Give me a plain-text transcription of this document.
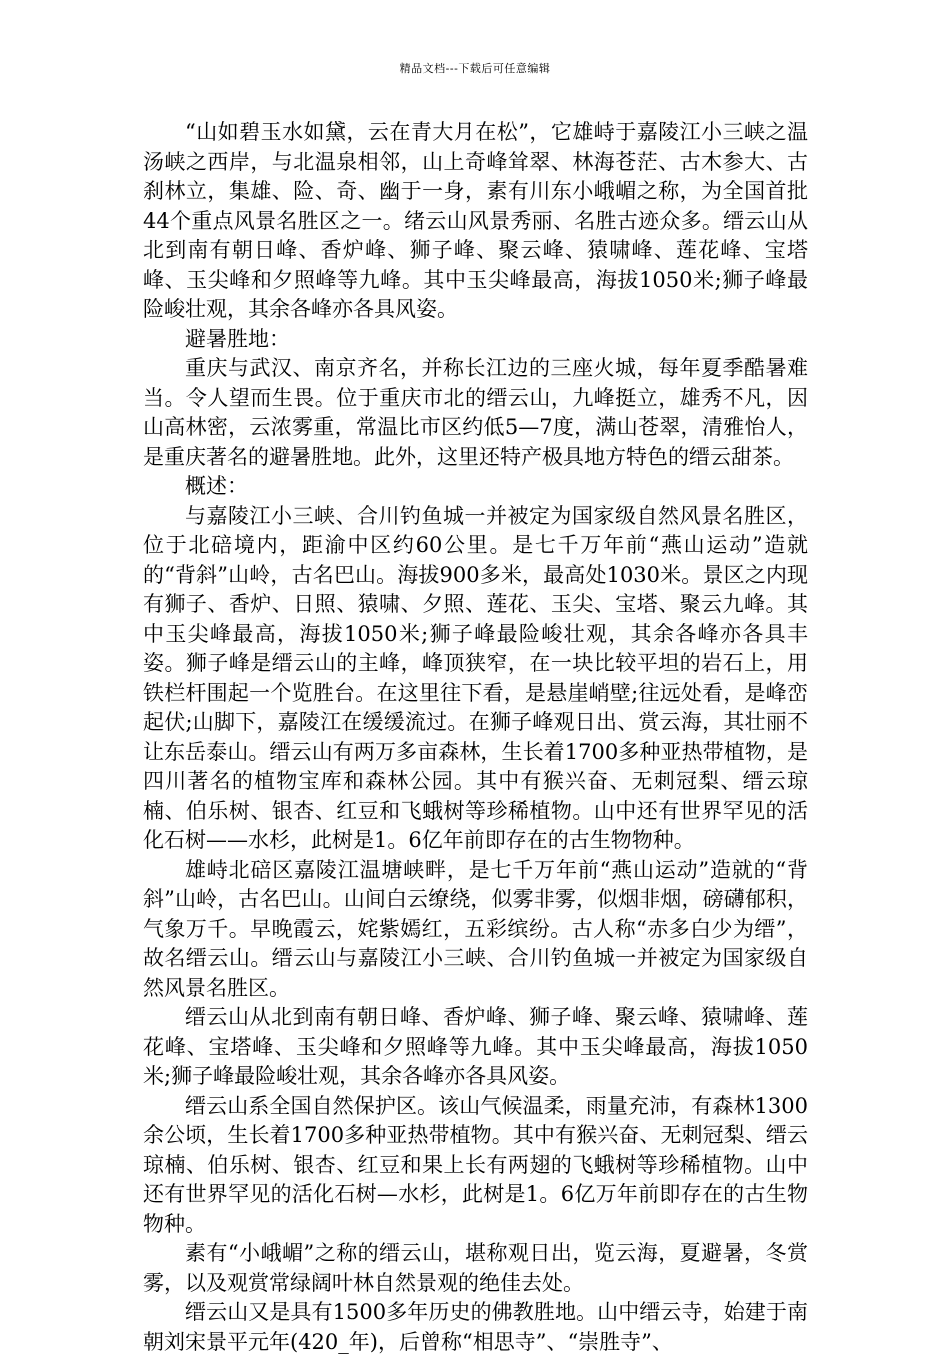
精品文档---下载后可任意编辑

“山如碧玉水如黛，云在青大月在松”，它雄峙于嘉陵江小三峡之温汤峡之西岸，与北温泉相邻，山上奇峰耸翠、林海苍茫、古木参大、古刹林立，集雄、险、奇、幽于一身，素有川东小峨嵋之称，为全国首批44个重点风景名胜区之一。绪云山风景秀丽、名胜古迹众多。缙云山从北到南有朝日峰、香炉峰、狮子峰、聚云峰、猿啸峰、莲花峰、宝塔峰、玉尖峰和夕照峰等九峰。其中玉尖峰最高，海拔1050米;狮子峰最险峻壮观，其余各峰亦各具风姿。

避暑胜地：

重庆与武汉、南京齐名，并称长江边的三座火城，每年夏季酷暑难当。令人望而生畏。位于重庆市北的缙云山，九峰挺立，雄秀不凡，因山高林密，云浓雾重，常温比市区约低5—7度，满山苍翠，清雅怡人，是重庆著名的避暑胜地。此外，这里还特产极具地方特色的缙云甜茶。

概述：

与嘉陵江小三峡、合川钓鱼城一并被定为国家级自然风景名胜区，位于北碚境内，距渝中区约60公里。是七千万年前“燕山运动”造就的“背斜”山岭，古名巴山。海拔900多米，最高处1030米。景区之内现有狮子、香炉、日照、猿啸、夕照、莲花、玉尖、宝塔、聚云九峰。其中玉尖峰最高，海拔1050米;狮子峰最险峻壮观，其余各峰亦各具丰姿。狮子峰是缙云山的主峰，峰顶狭窄，在一块比较平坦的岩石上，用铁栏杆围起一个览胜台。在这里往下看，是悬崖峭壁;往远处看，是峰峦起伏;山脚下，嘉陵江在缓缓流过。在狮子峰观日出、赏云海，其壮丽不让东岳泰山。缙云山有两万多亩森林，生长着1700多种亚热带植物，是四川著名的植物宝库和森林公园。其中有猴兴奋、无刺冠梨、缙云琼楠、伯乐树、银杏、红豆和飞蛾树等珍稀植物。山中还有世界罕见的活化石树——水杉，此树是1。6亿年前即存在的古生物物种。

雄峙北碚区嘉陵江温塘峡畔，是七千万年前“燕山运动”造就的“背斜”山岭，古名巴山。山间白云缭绕，似雾非雾，似烟非烟，磅礴郁积，气象万千。早晚霞云，姹紫嫣红，五彩缤纷。古人称“赤多白少为缙”，故名缙云山。缙云山与嘉陵江小三峡、合川钓鱼城一并被定为国家级自然风景名胜区。

缙云山从北到南有朝日峰、香炉峰、狮子峰、聚云峰、猿啸峰、莲花峰、宝塔峰、玉尖峰和夕照峰等九峰。其中玉尖峰最高，海拔1050米;狮子峰最险峻壮观，其余各峰亦各具风姿。

缙云山系全国自然保护区。该山气候温柔，雨量充沛，有森林1300余公顷，生长着1700多种亚热带植物。其中有猴兴奋、无刺冠梨、缙云琼楠、伯乐树、银杏、红豆和果上长有两翅的飞蛾树等珍稀植物。山中还有世界罕见的活化石树—水杉，此树是1。6亿万年前即存在的古生物物种。

素有“小峨嵋”之称的缙云山，堪称观日出，览云海，夏避暑，冬赏雾，以及观赏常绿阔叶林自然景观的绝佳去处。

缙云山又是具有1500多年历史的佛教胜地。山中缙云寺，始建于南朝刘宋景平元年(420_年)，后曾称“相思寺”、“崇胜寺”、
